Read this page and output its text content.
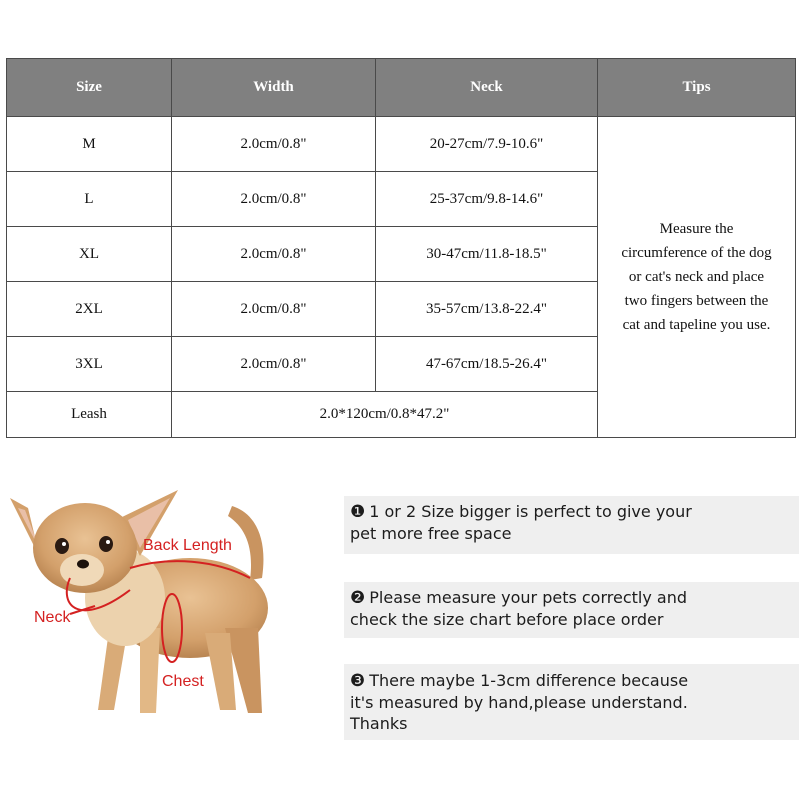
Size	Width	Neck	Tips
M	2.0cm/0.8"	20-27cm/7.9-10.6"	Measure the
circumference of the dog
or cat's neck and place
two fingers between the
cat and tapeline you use.

L	2.0cm/0.8"	25-37cm/9.8-14.6"	
XL	2.0cm/0.8"	30-47cm/11.8-18.5"	
2XL	2.0cm/0.8"	35-57cm/13.8-22.4"	
3XL	2.0cm/0.8"	47-67cm/18.5-26.4"	
Leash	2.0*120cm/0.8*47.2"		
Back Length
Neck
Chest
❶ 1 or 2 Size bigger is perfect to give your
pet more free space
❷ Please measure your pets correctly and
check the size chart before place order
❸ There maybe 1-3cm difference because
it's measured by hand,please understand.
Thanks
